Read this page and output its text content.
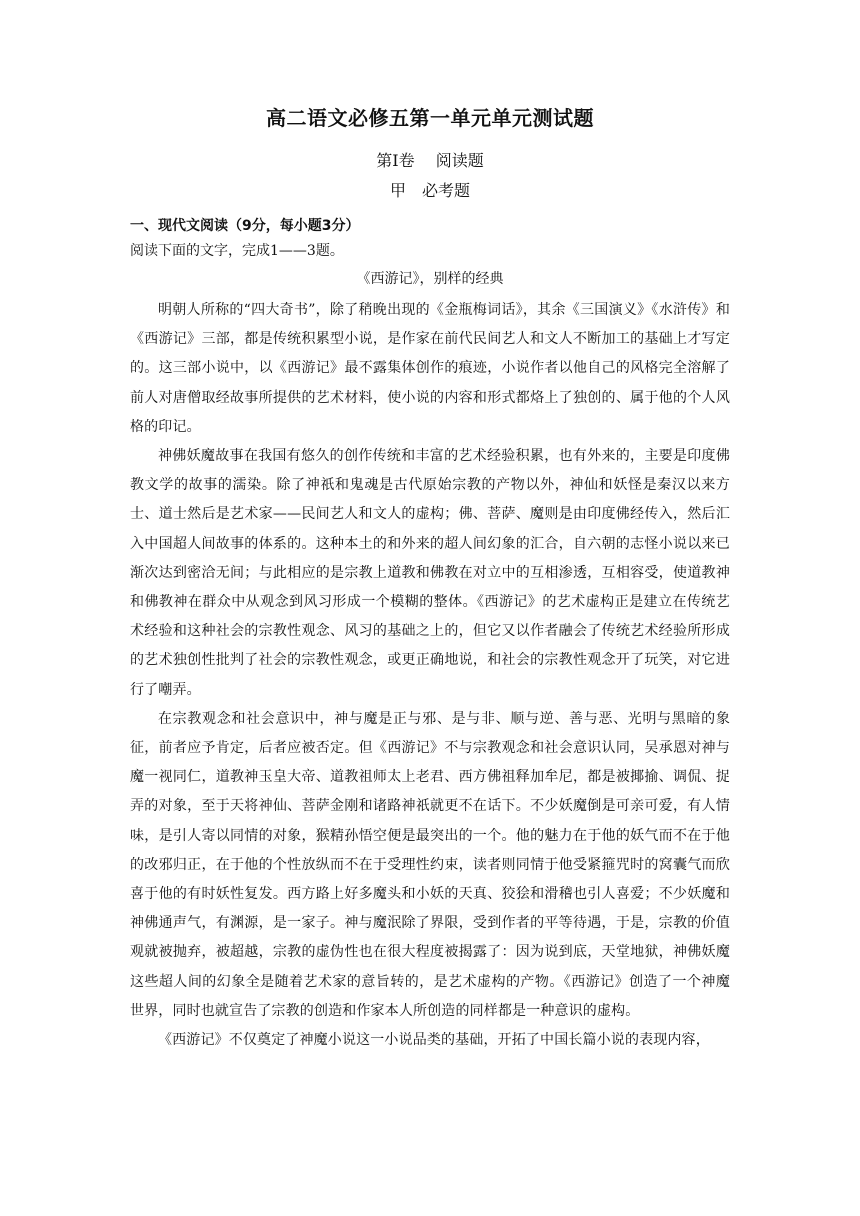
高二语文必修五第一单元单元测试题

第Ⅰ卷　 阅读题

甲　必考题

一、现代文阅读（9分，每小题3分）

阅读下面的文字，完成1——3题。

《西游记》，别样的经典

明朝人所称的“四大奇书”，除了稍晚出现的《金瓶梅词话》，其余《三国演义》《水浒传》和《西游记》三部，都是传统积累型小说，是作家在前代民间艺人和文人不断加工的基础上才写定的。这三部小说中，以《西游记》最不露集体创作的痕迹，小说作者以他自己的风格完全溶解了前人对唐僧取经故事所提供的艺术材料，使小说的内容和形式都烙上了独创的、属于他的个人风格的印记。

神佛妖魔故事在我国有悠久的创作传统和丰富的艺术经验积累，也有外来的，主要是印度佛教文学的故事的濡染。除了神祇和鬼魂是古代原始宗教的产物以外，神仙和妖怪是秦汉以来方士、道士然后是艺术家——民间艺人和文人的虚构；佛、菩萨、魔则是由印度佛经传入，然后汇入中国超人间故事的体系的。这种本土的和外来的超人间幻象的汇合，自六朝的志怪小说以来已渐次达到密洽无间；与此相应的是宗教上道教和佛教在对立中的互相渗透，互相容受，使道教神和佛教神在群众中从观念到风习形成一个模糊的整体。《西游记》的艺术虚构正是建立在传统艺术经验和这种社会的宗教性观念、风习的基础之上的，但它又以作者融会了传统艺术经验所形成的艺术独创性批判了社会的宗教性观念，或更正确地说，和社会的宗教性观念开了玩笑，对它进行了嘲弄。

在宗教观念和社会意识中，神与魔是正与邪、是与非、顺与逆、善与恶、光明与黑暗的象征，前者应予肯定，后者应被否定。但《西游记》不与宗教观念和社会意识认同，吴承恩对神与魔一视同仁，道教神玉皇大帝、道教祖师太上老君、西方佛祖释加牟尼，都是被揶揄、调侃、捉弄的对象，至于天将神仙、菩萨金刚和诸路神祇就更不在话下。不少妖魔倒是可亲可爱，有人情味，是引人寄以同情的对象，猴精孙悟空便是最突出的一个。他的魅力在于他的妖气而不在于他的改邪归正，在于他的个性放纵而不在于受理性约束，读者则同情于他受紧箍咒时的窝囊气而欣喜于他的有时妖性复发。西方路上好多魔头和小妖的天真、狡狯和滑稽也引人喜爱；不少妖魔和神佛通声气，有渊源，是一家子。神与魔泯除了界限，受到作者的平等待遇，于是，宗教的价值观就被抛弃，被超越，宗教的虚伪性也在很大程度被揭露了：因为说到底，天堂地狱，神佛妖魔这些超人间的幻象全是随着艺术家的意旨转的，是艺术虚构的产物。《西游记》创造了一个神魔世界，同时也就宣告了宗教的创造和作家本人所创造的同样都是一种意识的虚构。

《西游记》不仅奠定了神魔小说这一小说品类的基础，开拓了中国长篇小说的表现内容，
